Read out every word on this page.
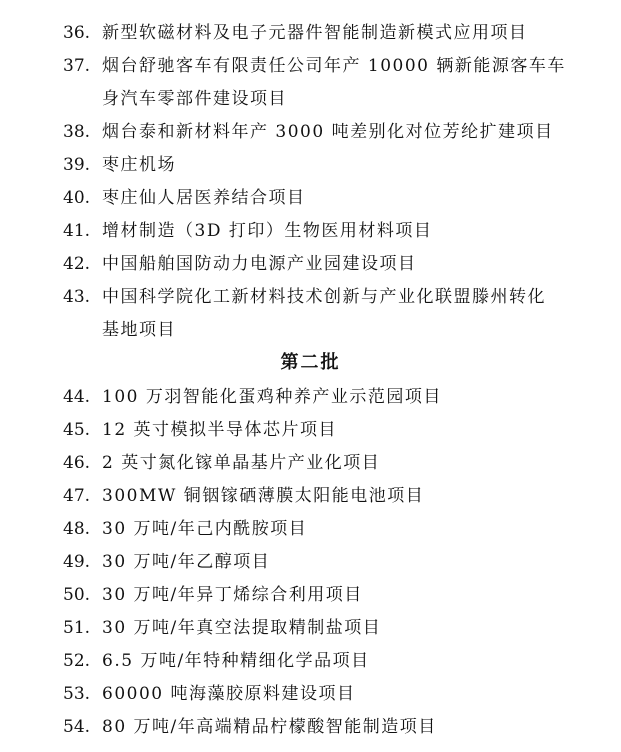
36. 新型软磁材料及电子元器件智能制造新模式应用项目
37. 烟台舒驰客车有限责任公司年产 10000 辆新能源客车车
身汽车零部件建设项目
38. 烟台泰和新材料年产 3000 吨差别化对位芳纶扩建项目
39. 枣庄机场
40. 枣庄仙人居医养结合项目
41. 增材制造（3D 打印）生物医用材料项目
42. 中国船舶国防动力电源产业园建设项目
43. 中国科学院化工新材料技术创新与产业化联盟滕州转化
基地项目
第二批
44. 100 万羽智能化蛋鸡种养产业示范园项目
45. 12 英寸模拟半导体芯片项目
46. 2 英寸氮化镓单晶基片产业化项目
47. 300MW 铜铟镓硒薄膜太阳能电池项目
48. 30 万吨/年己内酰胺项目
49. 30 万吨/年乙醇项目
50. 30 万吨/年异丁烯综合利用项目
51. 30 万吨/年真空法提取精制盐项目
52. 6.5 万吨/年特种精细化学品项目
53. 60000 吨海藻胶原料建设项目
54. 80 万吨/年高端精品柠檬酸智能制造项目
